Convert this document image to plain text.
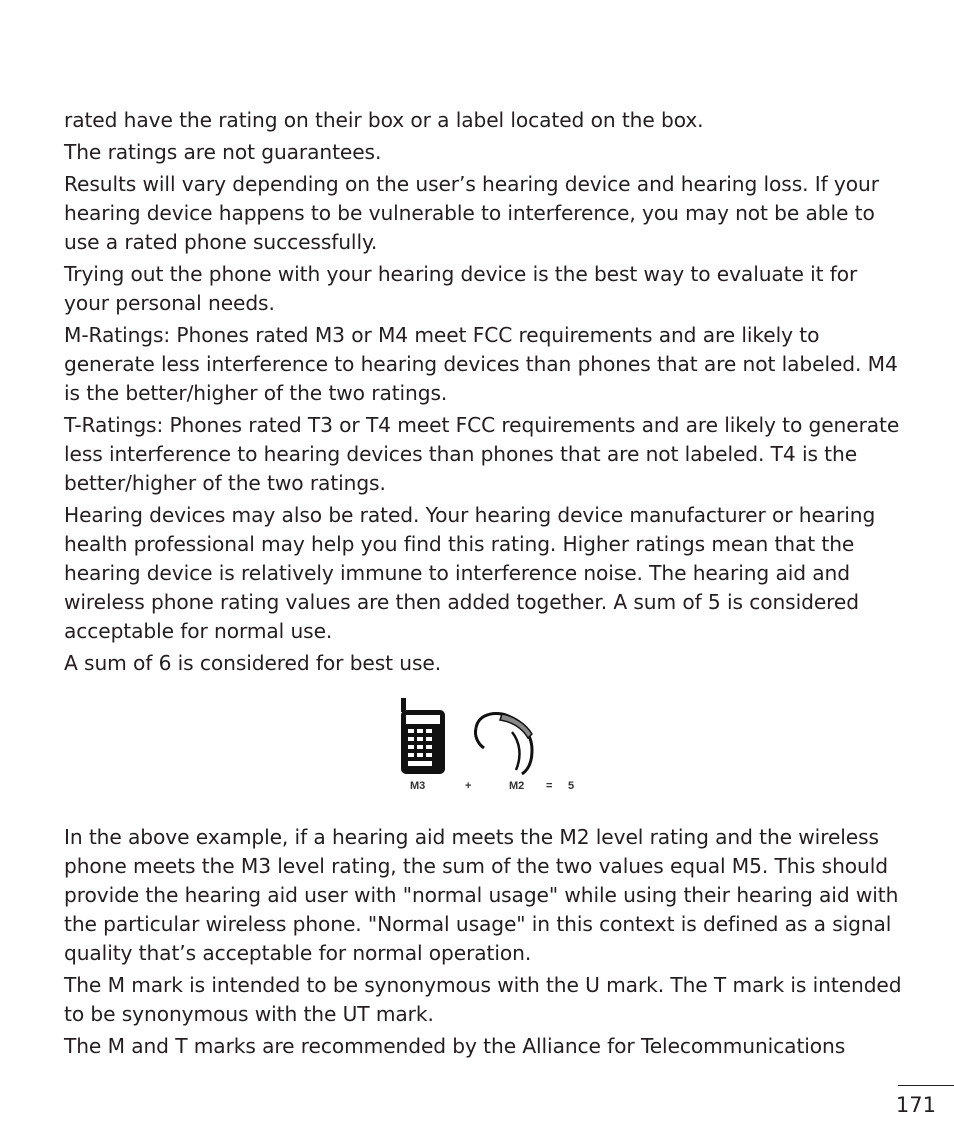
rated have the rating on their box or a label located on the box.

The ratings are not guarantees.

Results will vary depending on the user’s hearing device and hearing loss. If your hearing device happens to be vulnerable to interference, you may not be able to use a rated phone successfully.

Trying out the phone with your hearing device is the best way to evaluate it for your personal needs.

M-Ratings: Phones rated M3 or M4 meet FCC requirements and are likely to generate less interference to hearing devices than phones that are not labeled. M4 is the better/higher of the two ratings.

T-Ratings: Phones rated T3 or T4 meet FCC requirements and are likely to generate less interference to hearing devices than phones that are not labeled. T4 is the better/higher of the two ratings.

Hearing devices may also be rated. Your hearing device manufacturer or hearing health professional may help you find this rating. Higher ratings mean that the hearing device is relatively immune to interference noise. The hearing aid and wireless phone rating values are then added together. A sum of 5 is considered acceptable for normal use.

A sum of 6 is considered for best use.

M3	+	M2 = 5

In the above example, if a hearing aid meets the M2 level rating and the wireless phone meets the M3 level rating, the sum of the two values equal M5. This should provide the hearing aid user with "normal usage" while using their hearing aid with the particular wireless phone. "Normal usage" in this context is defined as a signal quality that’s acceptable for normal operation.

The M mark is intended to be synonymous with the U mark. The T mark is intended to be synonymous with the UT mark.

The M and T marks are recommended by the Alliance for Telecommunications

171
